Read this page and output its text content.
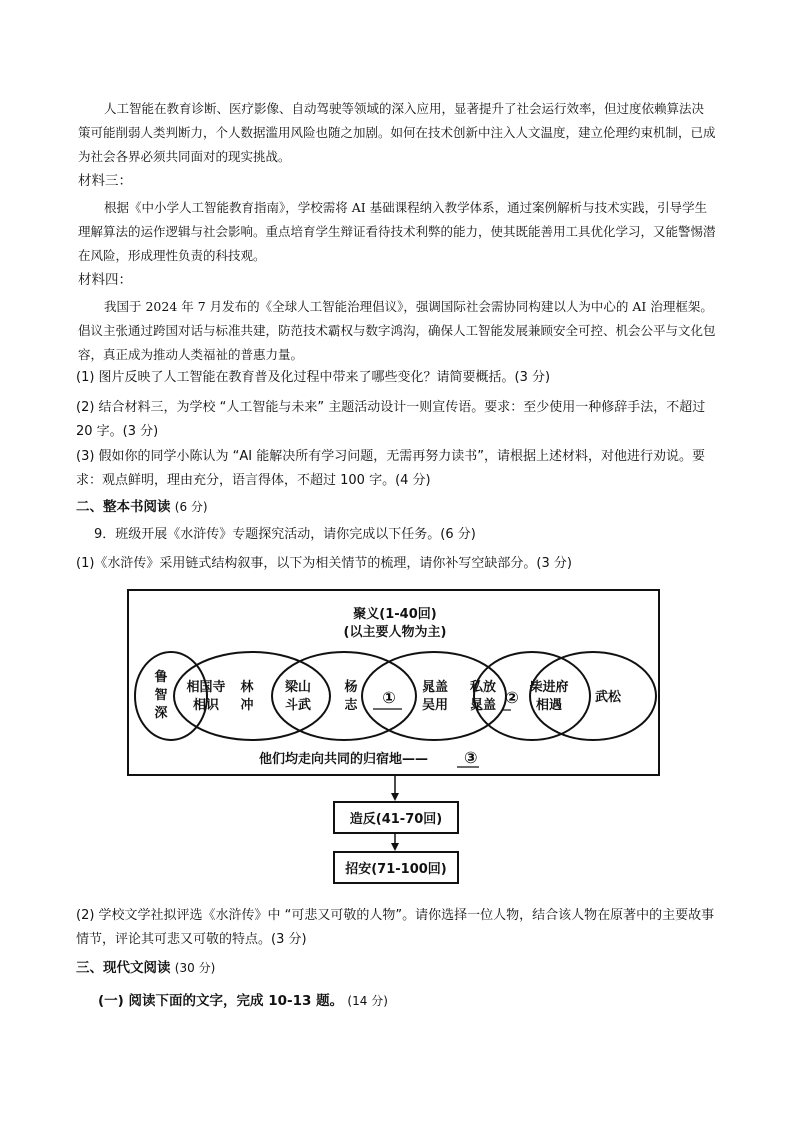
人工智能在教育诊断、医疗影像、自动驾驶等领域的深入应用，显著提升了社会运行效率，但过度依赖算法决策可能削弱人类判断力，个人数据滥用风险也随之加剧。如何在技术创新中注入人文温度，建立伦理约束机制，已成为社会各界必须共同面对的现实挑战。
材料三：
根据《中小学人工智能教育指南》，学校需将 AI 基础课程纳入教学体系，通过案例解析与技术实践，引导学生理解算法的运作逻辑与社会影响。重点培育学生辩证看待技术利弊的能力，使其既能善用工具优化学习，又能警惕潜在风险，形成理性负责的科技观。
材料四：
我国于 2024 年 7 月发布的《全球人工智能治理倡议》，强调国际社会需协同构建以人为中心的 AI 治理框架。倡议主张通过跨国对话与标准共建，防范技术霸权与数字鸿沟，确保人工智能发展兼顾安全可控、机会公平与文化包容，真正成为推动人类福祉的普惠力量。
(1) 图片反映了人工智能在教育普及化过程中带来了哪些变化？请简要概括。(3 分)
(2) 结合材料三，为学校 “人工智能与未来” 主题活动设计一则宣传语。要求：至少使用一种修辞手法，不超过 20 字。(3 分)
(3) 假如你的同学小陈认为 “AI 能解决所有学习问题，无需再努力读书”，请根据上述材料，对他进行劝说。要求：观点鲜明，理由充分，语言得体，不超过 100 字。(4 分)
二、整本书阅读 (6 分)
9．班级开展《水浒传》专题探究活动，请你完成以下任务。(6 分)
(1)《水浒传》采用链式结构叙事，以下为相关情节的梳理，请你补写空缺部分。(3 分)
聚义(1-40回)
(以主要人物为主)
鲁
智
深
相国寺
相识
林
冲
梁山
斗武
杨
志 ①
晁盖
吴用
私放
晁盖 ②
柴进府
相遇
武松
他们均走向共同的归宿地—— ③
造反(41-70回)
招安(71-100回)
(2) 学校文学社拟评选《水浒传》中 “可悲又可敬的人物”。请你选择一位人物，结合该人物在原著中的主要故事情节，评论其可悲又可敬的特点。(3 分)
三、现代文阅读 (30 分)
(一) 阅读下面的文字，完成 10-13 题。 (14 分)
